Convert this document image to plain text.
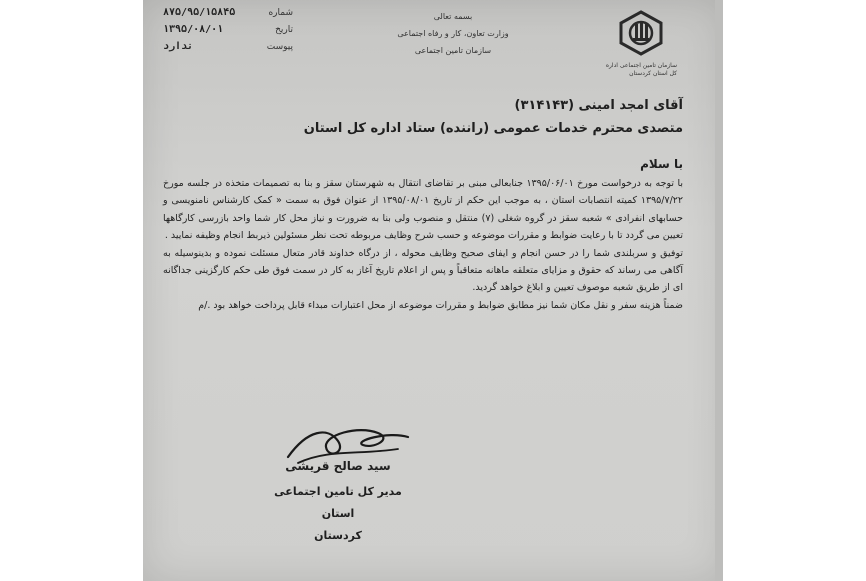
شماره
۸۷۵/۹۵/۱۵۸۴۵
تاریخ
۱۳۹۵/۰۸/۰۱
پیوست
ندارد
بسمه تعالی
وزارت تعاون، کار و رفاه اجتماعی
سازمان تامین اجتماعی
سازمان تامین اجتماعی اداره کل استان کردستان
آقای امجد امینی (۳۱۴۱۴۳)
متصدی محترم خدمات عمومی (راننده) ستاد اداره کل استان
با سلام

با توجه به درخواست مورخ ۱۳۹۵/۰۶/۰۱ جنابعالی مبنی بر تقاضای انتقال به شهرستان سقز و بنا به تصمیمات متخذه در جلسه مورخ ۱۳۹۵/۷/۲۲ کمیته انتصابات استان ، به موجب این حکم از تاریخ ۱۳۹۵/۰۸/۰۱ از عنوان فوق به سمت « کمک کارشناس نامنویسی و حسابهای انفرادی » شعبه سقز در گروه شغلی (۷) منتقل و منصوب ولی بنا به ضرورت و نیاز محل کار شما واحد بازرسی کارگاهها تعیین می گردد تا با رعایت ضوابط و مقررات موضوعه و حسب شرح وظایف مربوطه تحت نظر مسئولین ذیربط انجام وظیفه نمایید .

توفیق و سربلندی شما را در حسن انجام و ایفای صحیح وظایف محوله ، از درگاه خداوند قادر متعال مسئلت نموده و بدینوسیله به آگاهی می رساند که حقوق و مزایای متعلقه ماهانه متعاقباً و پس از اعلام تاریخ آغاز به کار در سمت فوق طی حکم کارگزینی جداگانه ای از طریق شعبه موصوف تعیین و ابلاغ خواهد گردید.

ضمناً هزینه سفر و نقل مکان شما نیز مطابق ضوابط و مقررات موضوعه از محل اعتبارات مبداء قابل پرداخت خواهد بود ./م

سید صالح قریشی
مدیر کل تامین اجتماعی استان
کردستان
